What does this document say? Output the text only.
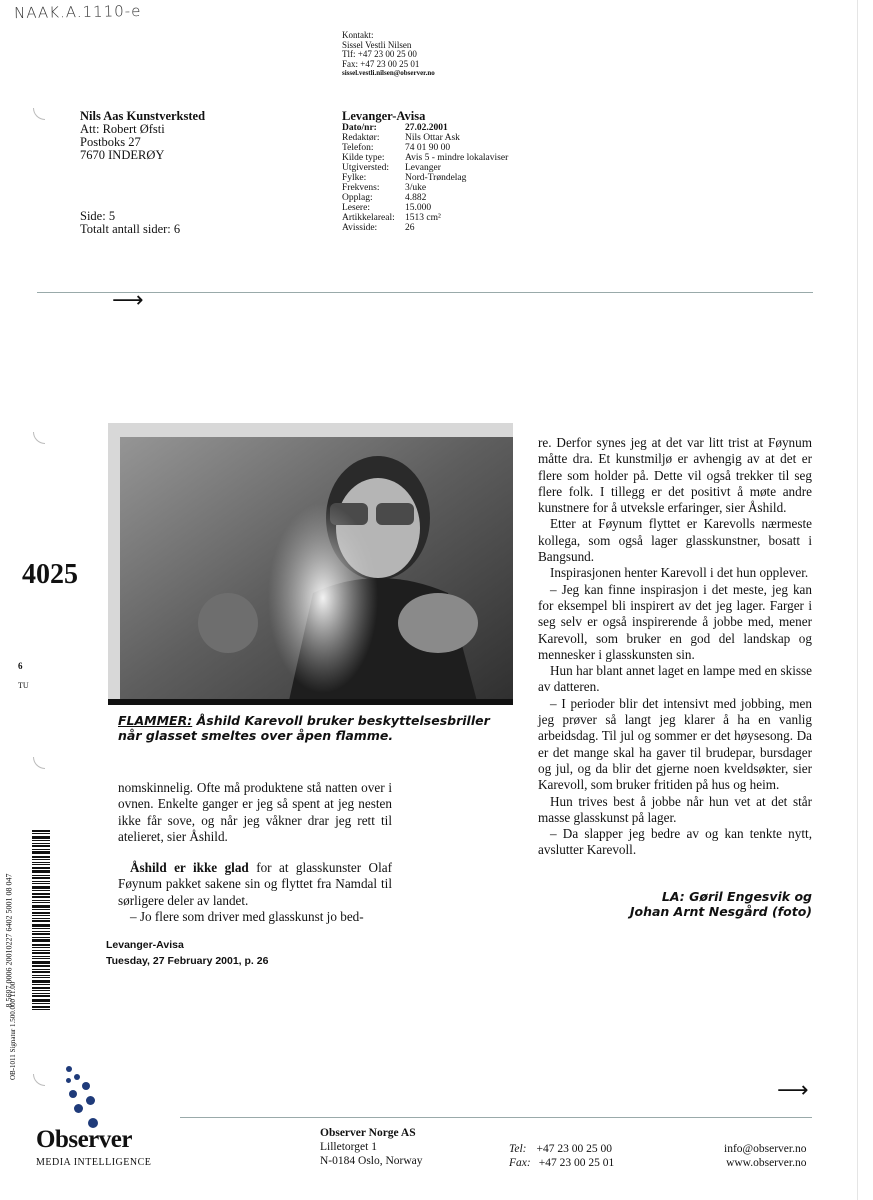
NAAK.A.1110-e
Kontakt:
Sissel Vestli Nilsen
Tlf: +47 23 00 25 00
Fax: +47 23 00 25 01
sissel.vestli.nilsen@observer.no
Nils Aas Kunstverksted
Att: Robert Øfsti
Postboks 27
7670 INDERØY
Side: 5
Totalt antall sider: 6
Levanger-Avisa
Dato/nr:	27.02.2001
Redaktør:	Nils Ottar Ask
Telefon:	74 01 90 00
Kilde type:	Avis 5 - mindre lokalaviser
Utgiversted:	Levanger
Fylke:	Nord-Trøndelag
Frekvens:	3/uke
Opplag:	4.882
Lesere:	15.000
Artikkelareal:	1513 cm²
Avisside:	26
⟶
4025
6
TU
FLAMMER: Åshild Karevoll bruker beskyttelsesbriller når glasset smeltes over åpen flamme.

nomskinnelig. Ofte må produktene stå natten over i ovnen. Enkelte ganger er jeg så spent at jeg nesten ikke får sove, og når jeg våkner drar jeg rett til atelieret, sier Åshild.

Åshild er ikke glad for at glasskunster Olaf Føynum pakket sakene sin og flyttet fra Namdal til sørligere deler av landet.

– Jo flere som driver med glasskunst jo bed-

Levanger-Avisa
Tuesday, 27 February 2001, p. 26

re. Derfor synes jeg at det var litt trist at Føynum måtte dra. Et kunstmiljø er avhengig av at det er flere som holder på. Dette vil også trekker til seg flere folk. I tillegg er det positivt å møte andre kunstnere for å utveksle erfaringer, sier Åshild.

Etter at Føynum flyttet er Karevolls nærmeste kollega, som også lager glasskunstner, bosatt i Bangsund.

Inspirasjonen henter Karevoll i det hun opplever.

– Jeg kan finne inspirasjon i det meste, jeg kan for eksempel bli inspirert av det jeg lager. Farger i seg selv er også inspirerende å jobbe med, mener Karevoll, som bruker en god del landskap og mennesker i glasskunsten sin.

Hun har blant annet laget en lampe med en skisse av datteren.

– I perioder blir det intensivt med jobbing, men jeg prøver så langt jeg klarer å ha en vanlig arbeidsdag. Til jul og sommer er det høysesong. Da er det mange skal ha gaver til brudepar, bursdager og jul, og da blir det gjerne noen kveldsøkter, sier Karevoll, som bruker fritiden på hus og heim.

Hun trives best å jobbe når hun vet at det står masse glasskunst på lager.

– Da slapper jeg bedre av og kan tenkte nytt, avslutter Karevoll.

LA: Gøril Engesvik og
Johan Arnt Nesgård (foto)
OB-1011 Signatur 1.500.000 11.00
8 5697 0006 20010227 6402 5001 08 047
Observer
MEDIA INTELLIGENCE
⟶
Observer Norge AS
Lilletorget 1
N-0184 Oslo, Norway
Tel: +47 23 00 25 00
Fax: +47 23 00 25 01
info@observer.no
www.observer.no
